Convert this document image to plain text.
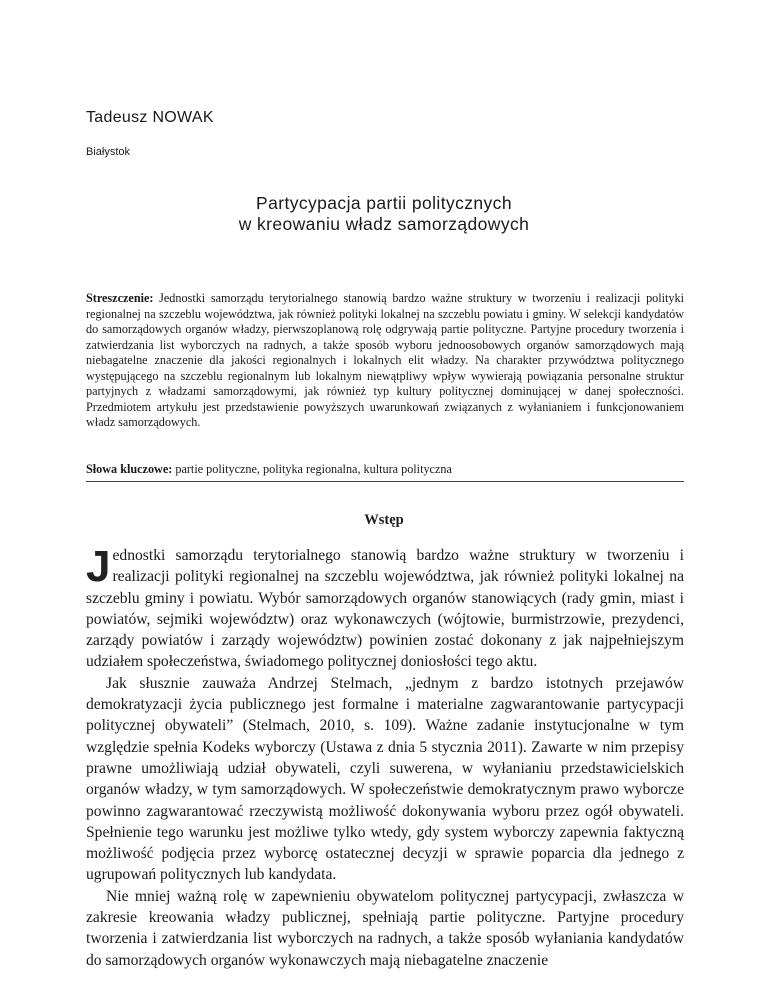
Tadeusz NOWAK
Białystok
Partycypacja partii politycznych
w kreowaniu władz samorządowych
Streszczenie: Jednostki samorządu terytorialnego stanowią bardzo ważne struktury w tworzeniu i realizacji polityki regionalnej na szczeblu województwa, jak również polityki lokalnej na szczeblu powiatu i gminy. W selekcji kandydatów do samorządowych organów władzy, pierwszoplanową rolę odgrywają partie polityczne. Partyjne procedury tworzenia i zatwierdzania list wyborczych na radnych, a także sposób wyboru jednoosobowych organów samorządowych mają niebagatelne znaczenie dla jakości regionalnych i lokalnych elit władzy. Na charakter przywództwa politycznego występującego na szczeblu regionalnym lub lokalnym niewątpliwy wpływ wywierają powiązania personalne struktur partyjnych z władzami samorządowymi, jak również typ kultury politycznej dominującej w danej społeczności. Przedmiotem artykułu jest przedstawienie powyższych uwarunkowań związanych z wyłanianiem i funkcjonowaniem władz samorządowych.
Słowa kluczowe: partie polityczne, polityka regionalna, kultura polityczna
Wstęp

Jednostki samorządu terytorialnego stanowią bardzo ważne struktury w tworzeniu i realizacji polityki regionalnej na szczeblu województwa, jak również polityki lokalnej na szczeblu gminy i powiatu. Wybór samorządowych organów stanowiących (rady gmin, miast i powiatów, sejmiki województw) oraz wykonawczych (wójtowie, burmistrzowie, prezydenci, zarządy powiatów i zarządy województw) powinien zostać dokonany z jak najpełniejszym udziałem społeczeństwa, świadomego politycznej doniosłości tego aktu.

Jak słusznie zauważa Andrzej Stelmach, „jednym z bardzo istotnych przejawów demokratyzacji życia publicznego jest formalne i materialne zagwarantowanie partycypacji politycznej obywateli” (Stelmach, 2010, s. 109). Ważne zadanie instytucjonalne w tym względzie spełnia Kodeks wyborczy (Ustawa z dnia 5 stycznia 2011). Zawarte w nim przepisy prawne umożliwiają udział obywateli, czyli suwerena, w wyłanianiu przedstawicielskich organów władzy, w tym samorządowych. W społeczeństwie demokratycznym prawo wyborcze powinno zagwarantować rzeczywistą możliwość dokonywania wyboru przez ogół obywateli. Spełnienie tego warunku jest możliwe tylko wtedy, gdy system wyborczy zapewnia faktyczną możliwość podjęcia przez wyborcę ostatecznej decyzji w sprawie poparcia dla jednego z ugrupowań politycznych lub kandydata.

Nie mniej ważną rolę w zapewnieniu obywatelom politycznej partycypacji, zwłaszcza w zakresie kreowania władzy publicznej, spełniają partie polityczne. Partyjne procedury tworzenia i zatwierdzania list wyborczych na radnych, a także sposób wyłaniania kandydatów do samorządowych organów wykonawczych mają niebagatelne znaczenie
